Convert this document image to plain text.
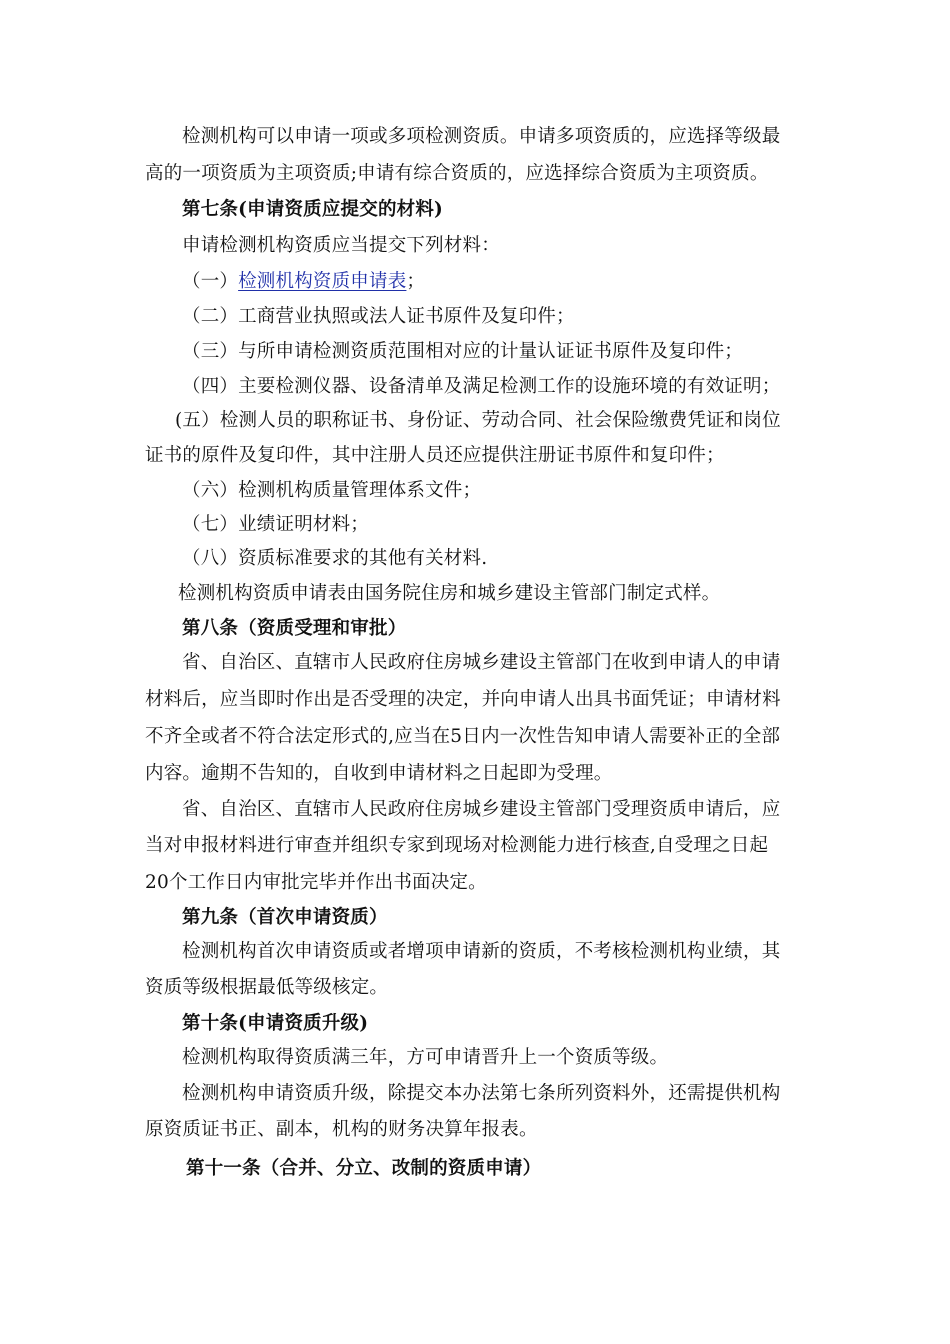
检测机构可以申请一项或多项检测资质。申请多项资质的，应选择等级最
高的一项资质为主项资质;申请有综合资质的，应选择综合资质为主项资质。
第七条(申请资质应提交的材料)
申请检测机构资质应当提交下列材料：
（一）检测机构资质申请表；
（二）工商营业执照或法人证书原件及复印件；
（三）与所申请检测资质范围相对应的计量认证证书原件及复印件；
（四）主要检测仪器、设备清单及满足检测工作的设施环境的有效证明；
(五）检测人员的职称证书、身份证、劳动合同、社会保险缴费凭证和岗位
证书的原件及复印件，其中注册人员还应提供注册证书原件和复印件；
（六）检测机构质量管理体系文件；
（七）业绩证明材料；
（八）资质标准要求的其他有关材料.
检测机构资质申请表由国务院住房和城乡建设主管部门制定式样。
第八条（资质受理和审批）
省、自治区、直辖市人民政府住房城乡建设主管部门在收到申请人的申请
材料后，应当即时作出是否受理的决定，并向申请人出具书面凭证；申请材料
不齐全或者不符合法定形式的,应当在5日内一次性告知申请人需要补正的全部
内容。逾期不告知的，自收到申请材料之日起即为受理。
省、自治区、直辖市人民政府住房城乡建设主管部门受理资质申请后，应
当对申报材料进行审查并组织专家到现场对检测能力进行核查,自受理之日起
20个工作日内审批完毕并作出书面决定。
第九条（首次申请资质）
检测机构首次申请资质或者增项申请新的资质，不考核检测机构业绩，其
资质等级根据最低等级核定。
第十条(申请资质升级)
检测机构取得资质满三年，方可申请晋升上一个资质等级。
检测机构申请资质升级，除提交本办法第七条所列资料外，还需提供机构
原资质证书正、副本，机构的财务决算年报表。
第十一条（合并、分立、改制的资质申请）
